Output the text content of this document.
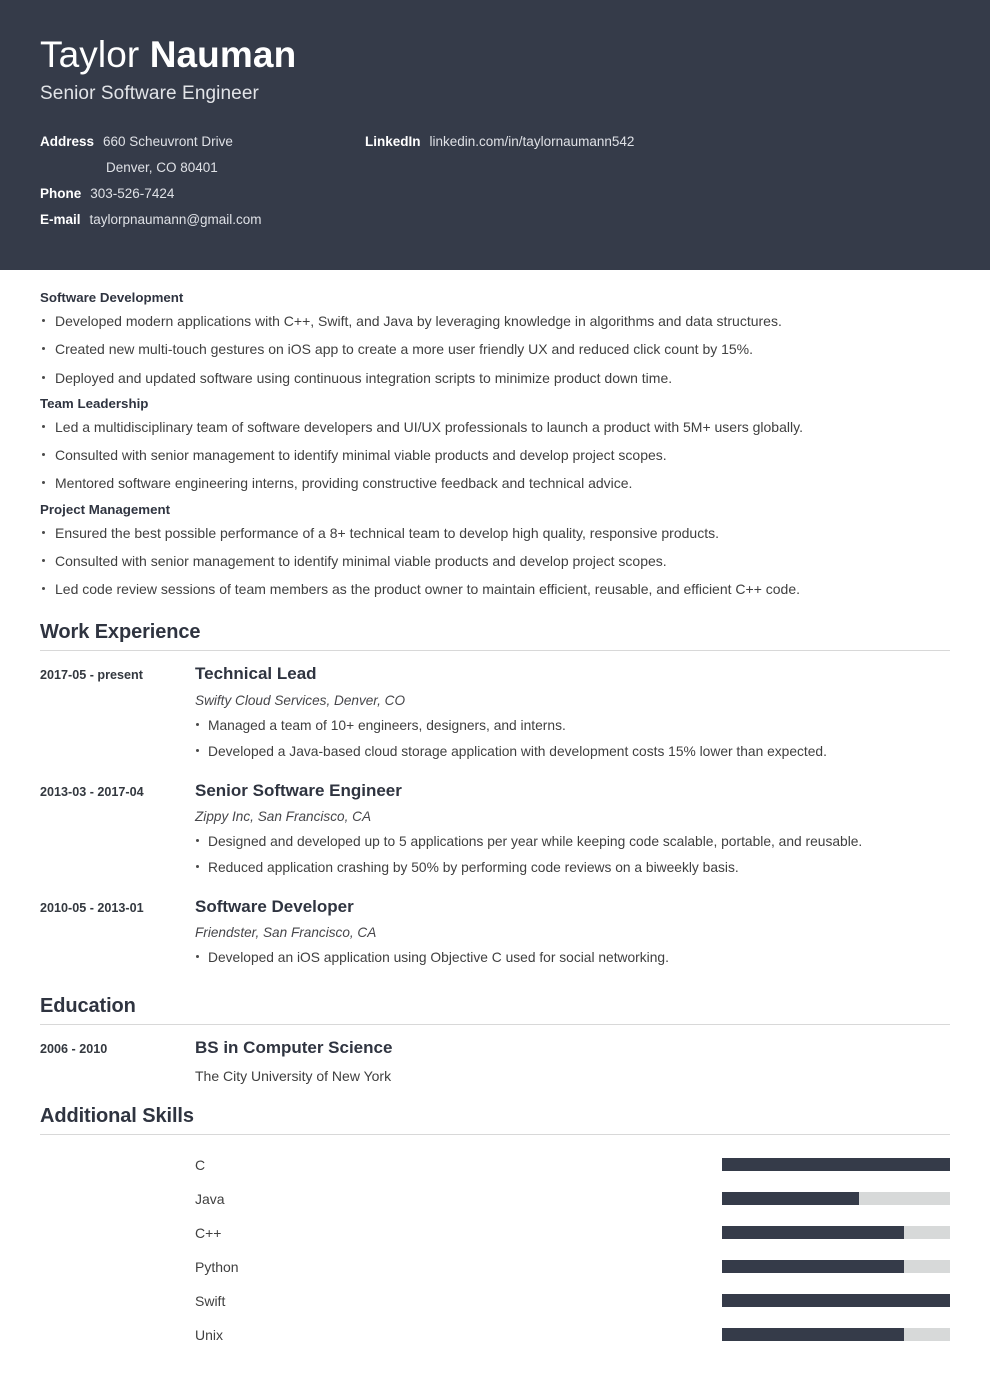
Taylor Nauman
Senior Software Engineer
Address 660 Scheuvront Drive
Denver, CO 80401
Phone 303-526-7424
E-mail taylorpnaumann@gmail.com
LinkedIn linkedin.com/in/taylornaumann542
Software Development
Developed modern applications with C++, Swift, and Java by leveraging knowledge in algorithms and data structures.
Created new multi-touch gestures on iOS app to create a more user friendly UX and reduced click count by 15%.
Deployed and updated software using continuous integration scripts to minimize product down time.
Team Leadership
Led a multidisciplinary team of software developers and UI/UX professionals to launch a product with 5M+ users globally.
Consulted with senior management to identify minimal viable products and develop project scopes.
Mentored software engineering interns, providing constructive feedback and technical advice.
Project Management
Ensured the best possible performance of a 8+ technical team to develop high quality, responsive products.
Consulted with senior management to identify minimal viable products and develop project scopes.
Led code review sessions of team members as the product owner to maintain efficient, reusable, and efficient C++ code.
Work Experience
2017-05 - present	Technical Lead
Swifty Cloud Services, Denver, CO
Managed a team of 10+ engineers, designers, and interns.
Developed a Java-based cloud storage application with development costs 15% lower than expected.
2013-03 - 2017-04	Senior Software Engineer
Zippy Inc, San Francisco, CA
Designed and developed up to 5 applications per year while keeping code scalable, portable, and reusable.
Reduced application crashing by 50% by performing code reviews on a biweekly basis.
2010-05 - 2013-01	Software Developer
Friendster, San Francisco, CA
Developed an iOS application using Objective C used for social networking.
Education
2006 - 2010	BS in Computer Science
The City University of New York
Additional Skills
C
Java
C++
Python
Swift
Unix
